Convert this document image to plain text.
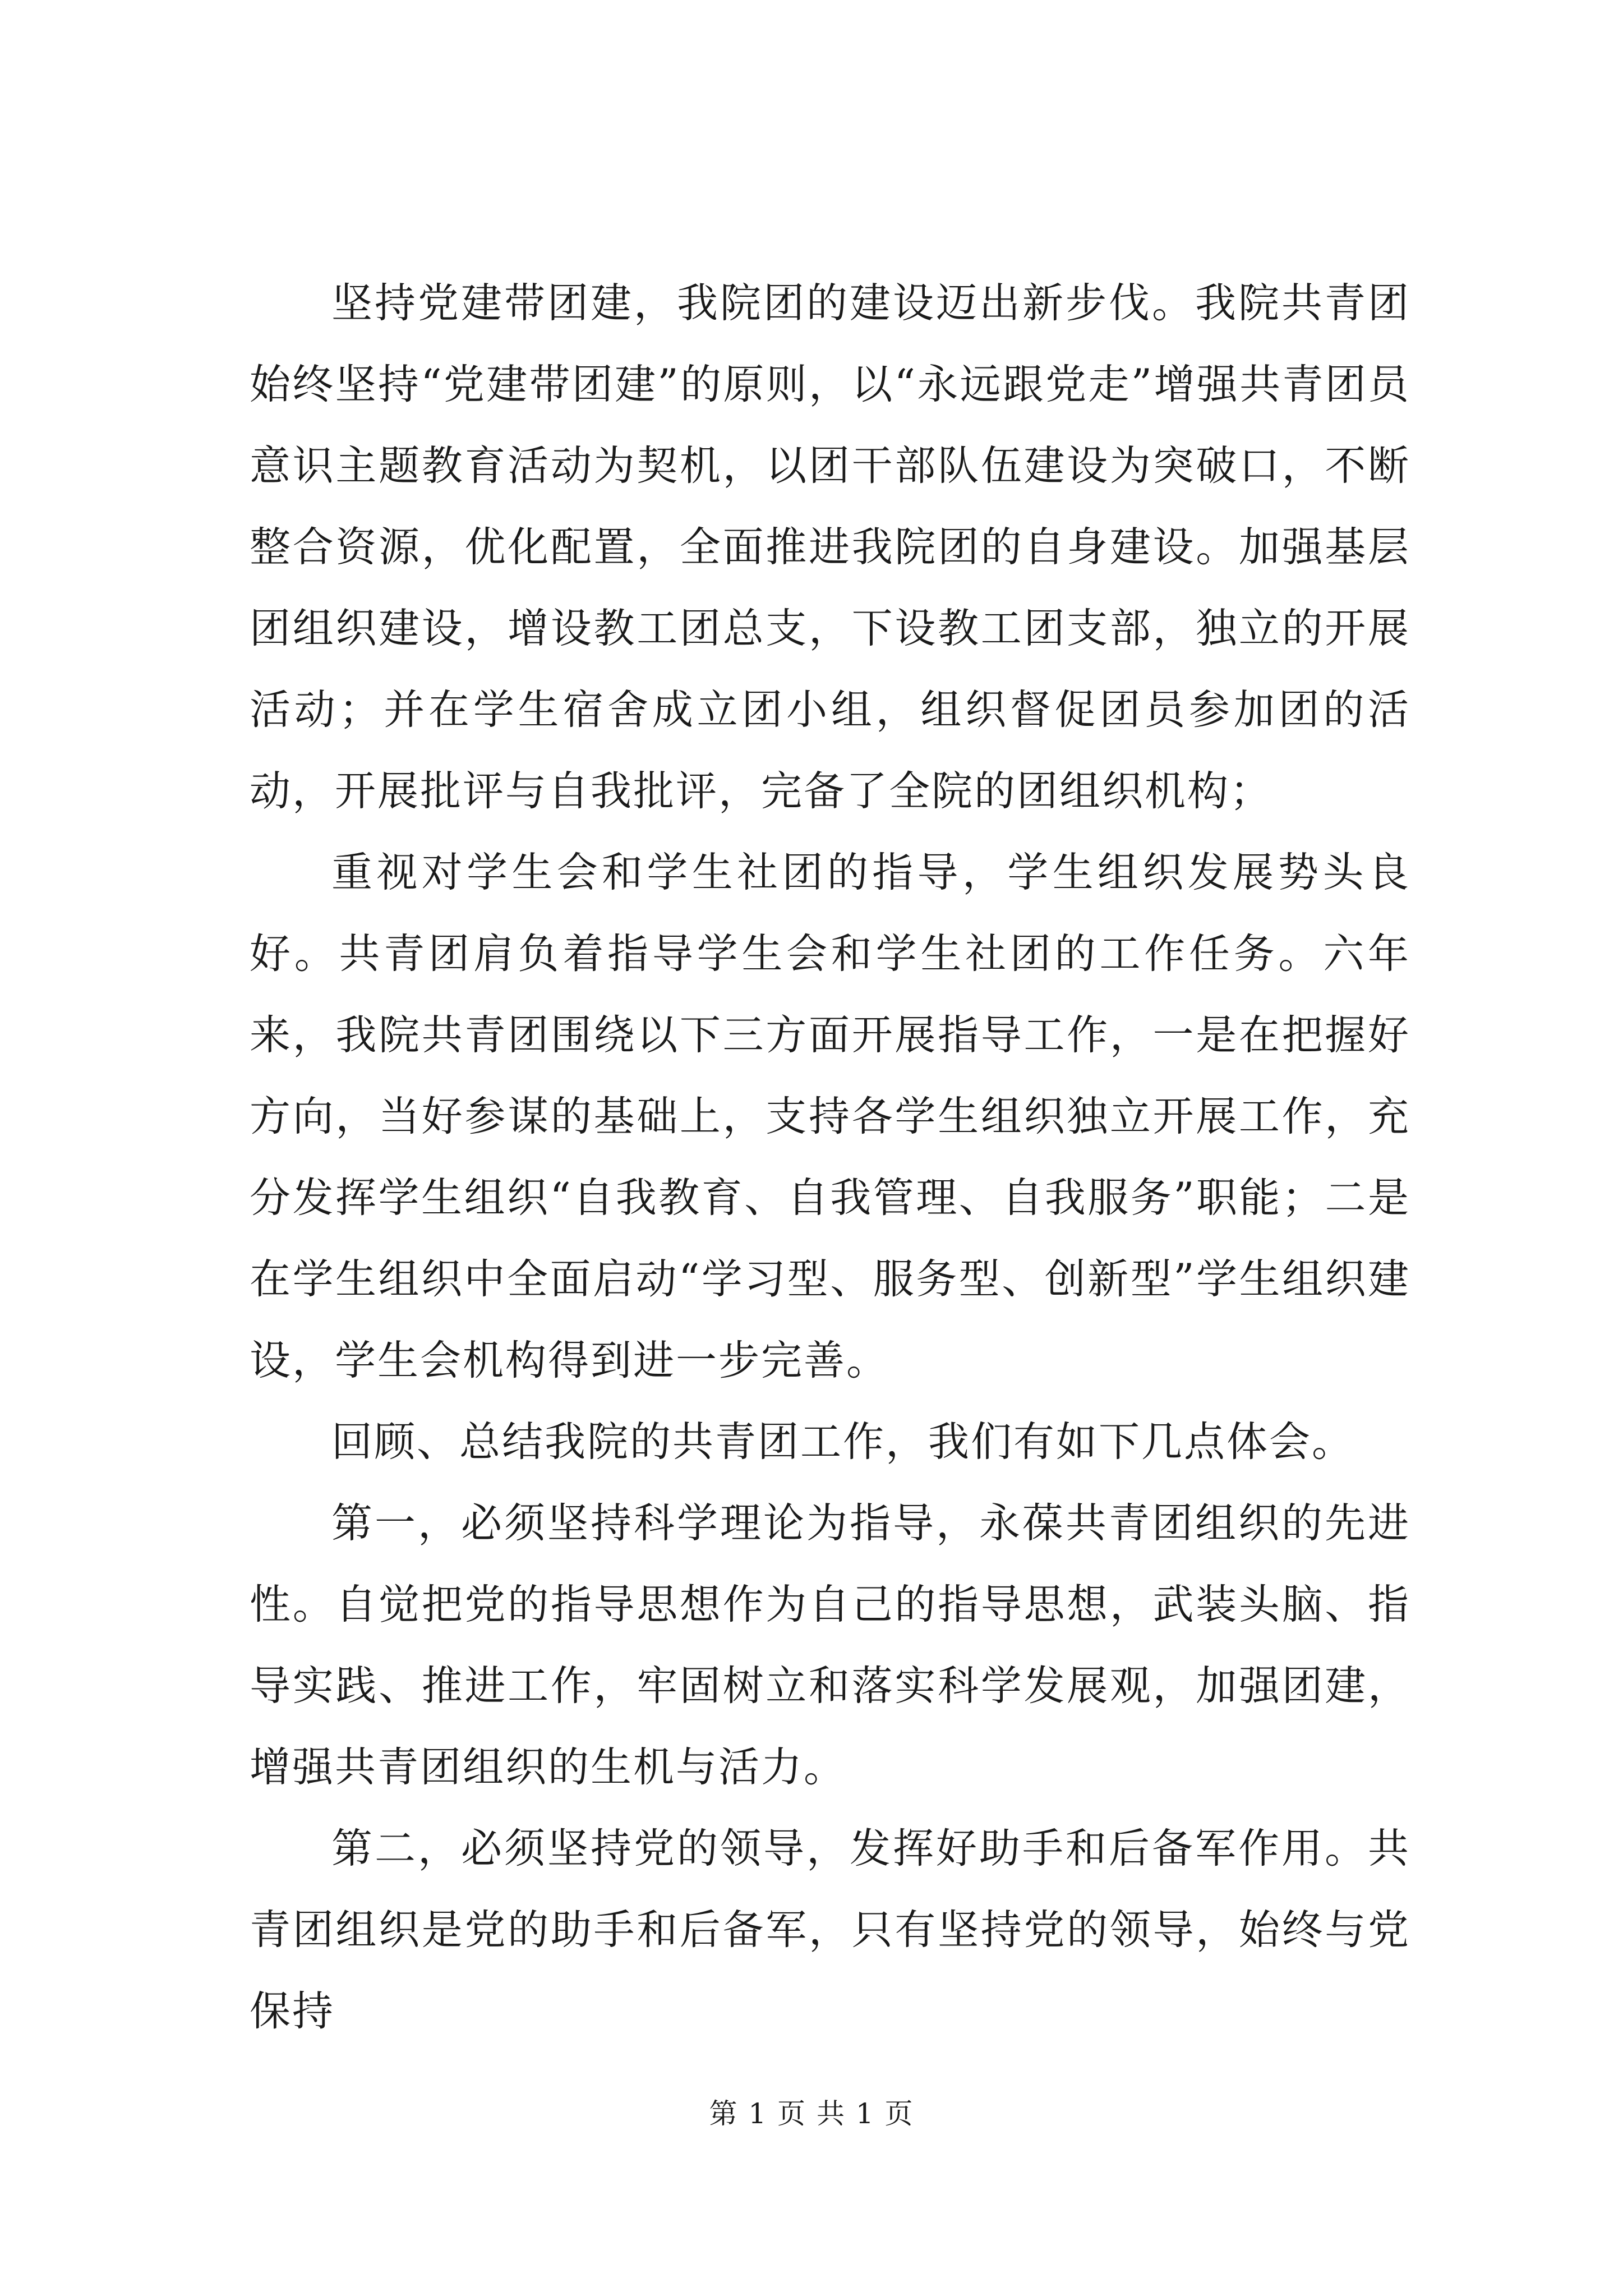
坚持党建带团建，我院团的建设迈出新步伐。我院共青团始终坚持“党建带团建”的原则，以“永远跟党走”增强共青团员意识主题教育活动为契机，以团干部队伍建设为突破口，不断整合资源，优化配置，全面推进我院团的自身建设。加强基层团组织建设，增设教工团总支，下设教工团支部，独立的开展活动；并在学生宿舍成立团小组，组织督促团员参加团的活动，开展批评与自我批评，完备了全院的团组织机构；

重视对学生会和学生社团的指导，学生组织发展势头良好。共青团肩负着指导学生会和学生社团的工作任务。六年来，我院共青团围绕以下三方面开展指导工作，一是在把握好方向，当好参谋的基础上，支持各学生组织独立开展工作，充分发挥学生组织“自我教育、自我管理、自我服务”职能；二是在学生组织中全面启动“学习型、服务型、创新型”学生组织建设，学生会机构得到进一步完善。

回顾、总结我院的共青团工作，我们有如下几点体会。

第一，必须坚持科学理论为指导，永葆共青团组织的先进性。自觉把党的指导思想作为自己的指导思想，武装头脑、指导实践、推进工作，牢固树立和落实科学发展观，加强团建，增强共青团组织的生机与活力。

第二，必须坚持党的领导，发挥好助手和后备军作用。共青团组织是党的助手和后备军，只有坚持党的领导，始终与党保持

第 1 页 共 1 页
